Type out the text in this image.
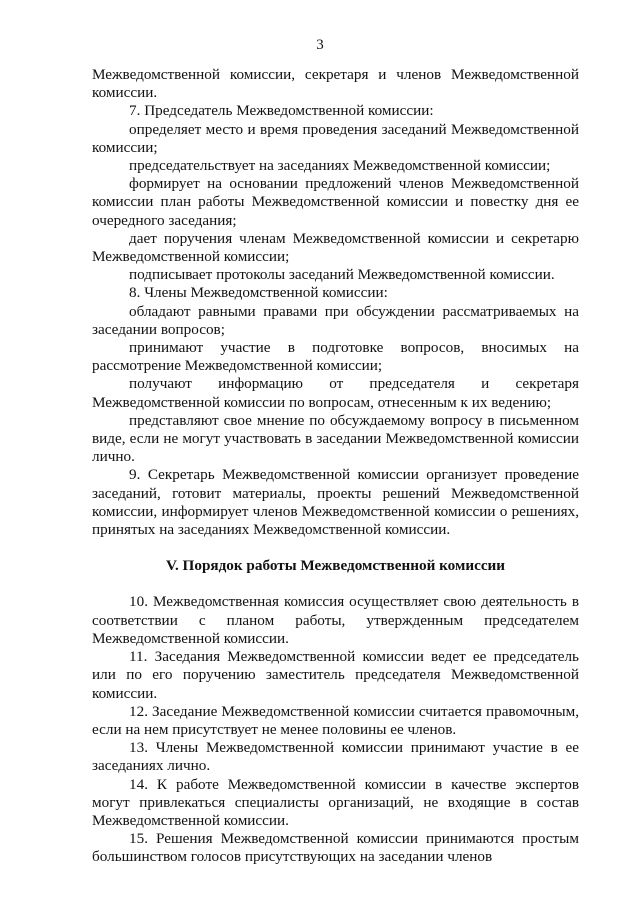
3

Межведомственной комиссии, секретаря и членов Межведомственной комиссии.

7. Председатель Межведомственной комиссии:

определяет место и время проведения заседаний Межведомственной комиссии;

председательствует на заседаниях Межведомственной комиссии;

формирует на основании предложений членов Межведомственной комиссии план работы Межведомственной комиссии и повестку дня ее очередного заседания;

дает поручения членам Межведомственной комиссии и секретарю Межведомственной комиссии;

подписывает протоколы заседаний Межведомственной комиссии.

8. Члены Межведомственной комиссии:

обладают равными правами при обсуждении рассматриваемых на заседании вопросов;

принимают участие в подготовке вопросов, вносимых на рассмотрение Межведомственной комиссии;

получают информацию от председателя и секретаря Межведомственной комиссии по вопросам, отнесенным к их ведению;

представляют свое мнение по обсуждаемому вопросу в письменном виде, если не могут участвовать в заседании Межведомственной комиссии лично.

9. Секретарь Межведомственной комиссии организует проведение заседаний, готовит материалы, проекты решений Межведомственной комиссии, информирует членов Межведомственной комиссии о решениях, принятых на заседаниях Межведомственной комиссии.

V. Порядок работы Межведомственной комиссии

10. Межведомственная комиссия осуществляет свою деятельность в соответствии с планом работы, утвержденным председателем Межведомственной комиссии.

11. Заседания Межведомственной комиссии ведет ее председатель или по его поручению заместитель председателя Межведомственной комиссии.

12. Заседание Межведомственной комиссии считается правомочным, если на нем присутствует не менее половины ее членов.

13. Члены Межведомственной комиссии принимают участие в ее заседаниях лично.

14. К работе Межведомственной комиссии в качестве экспертов могут привлекаться специалисты организаций, не входящие в состав Межведомственной комиссии.

15. Решения Межведомственной комиссии принимаются простым большинством голосов присутствующих на заседании членов
